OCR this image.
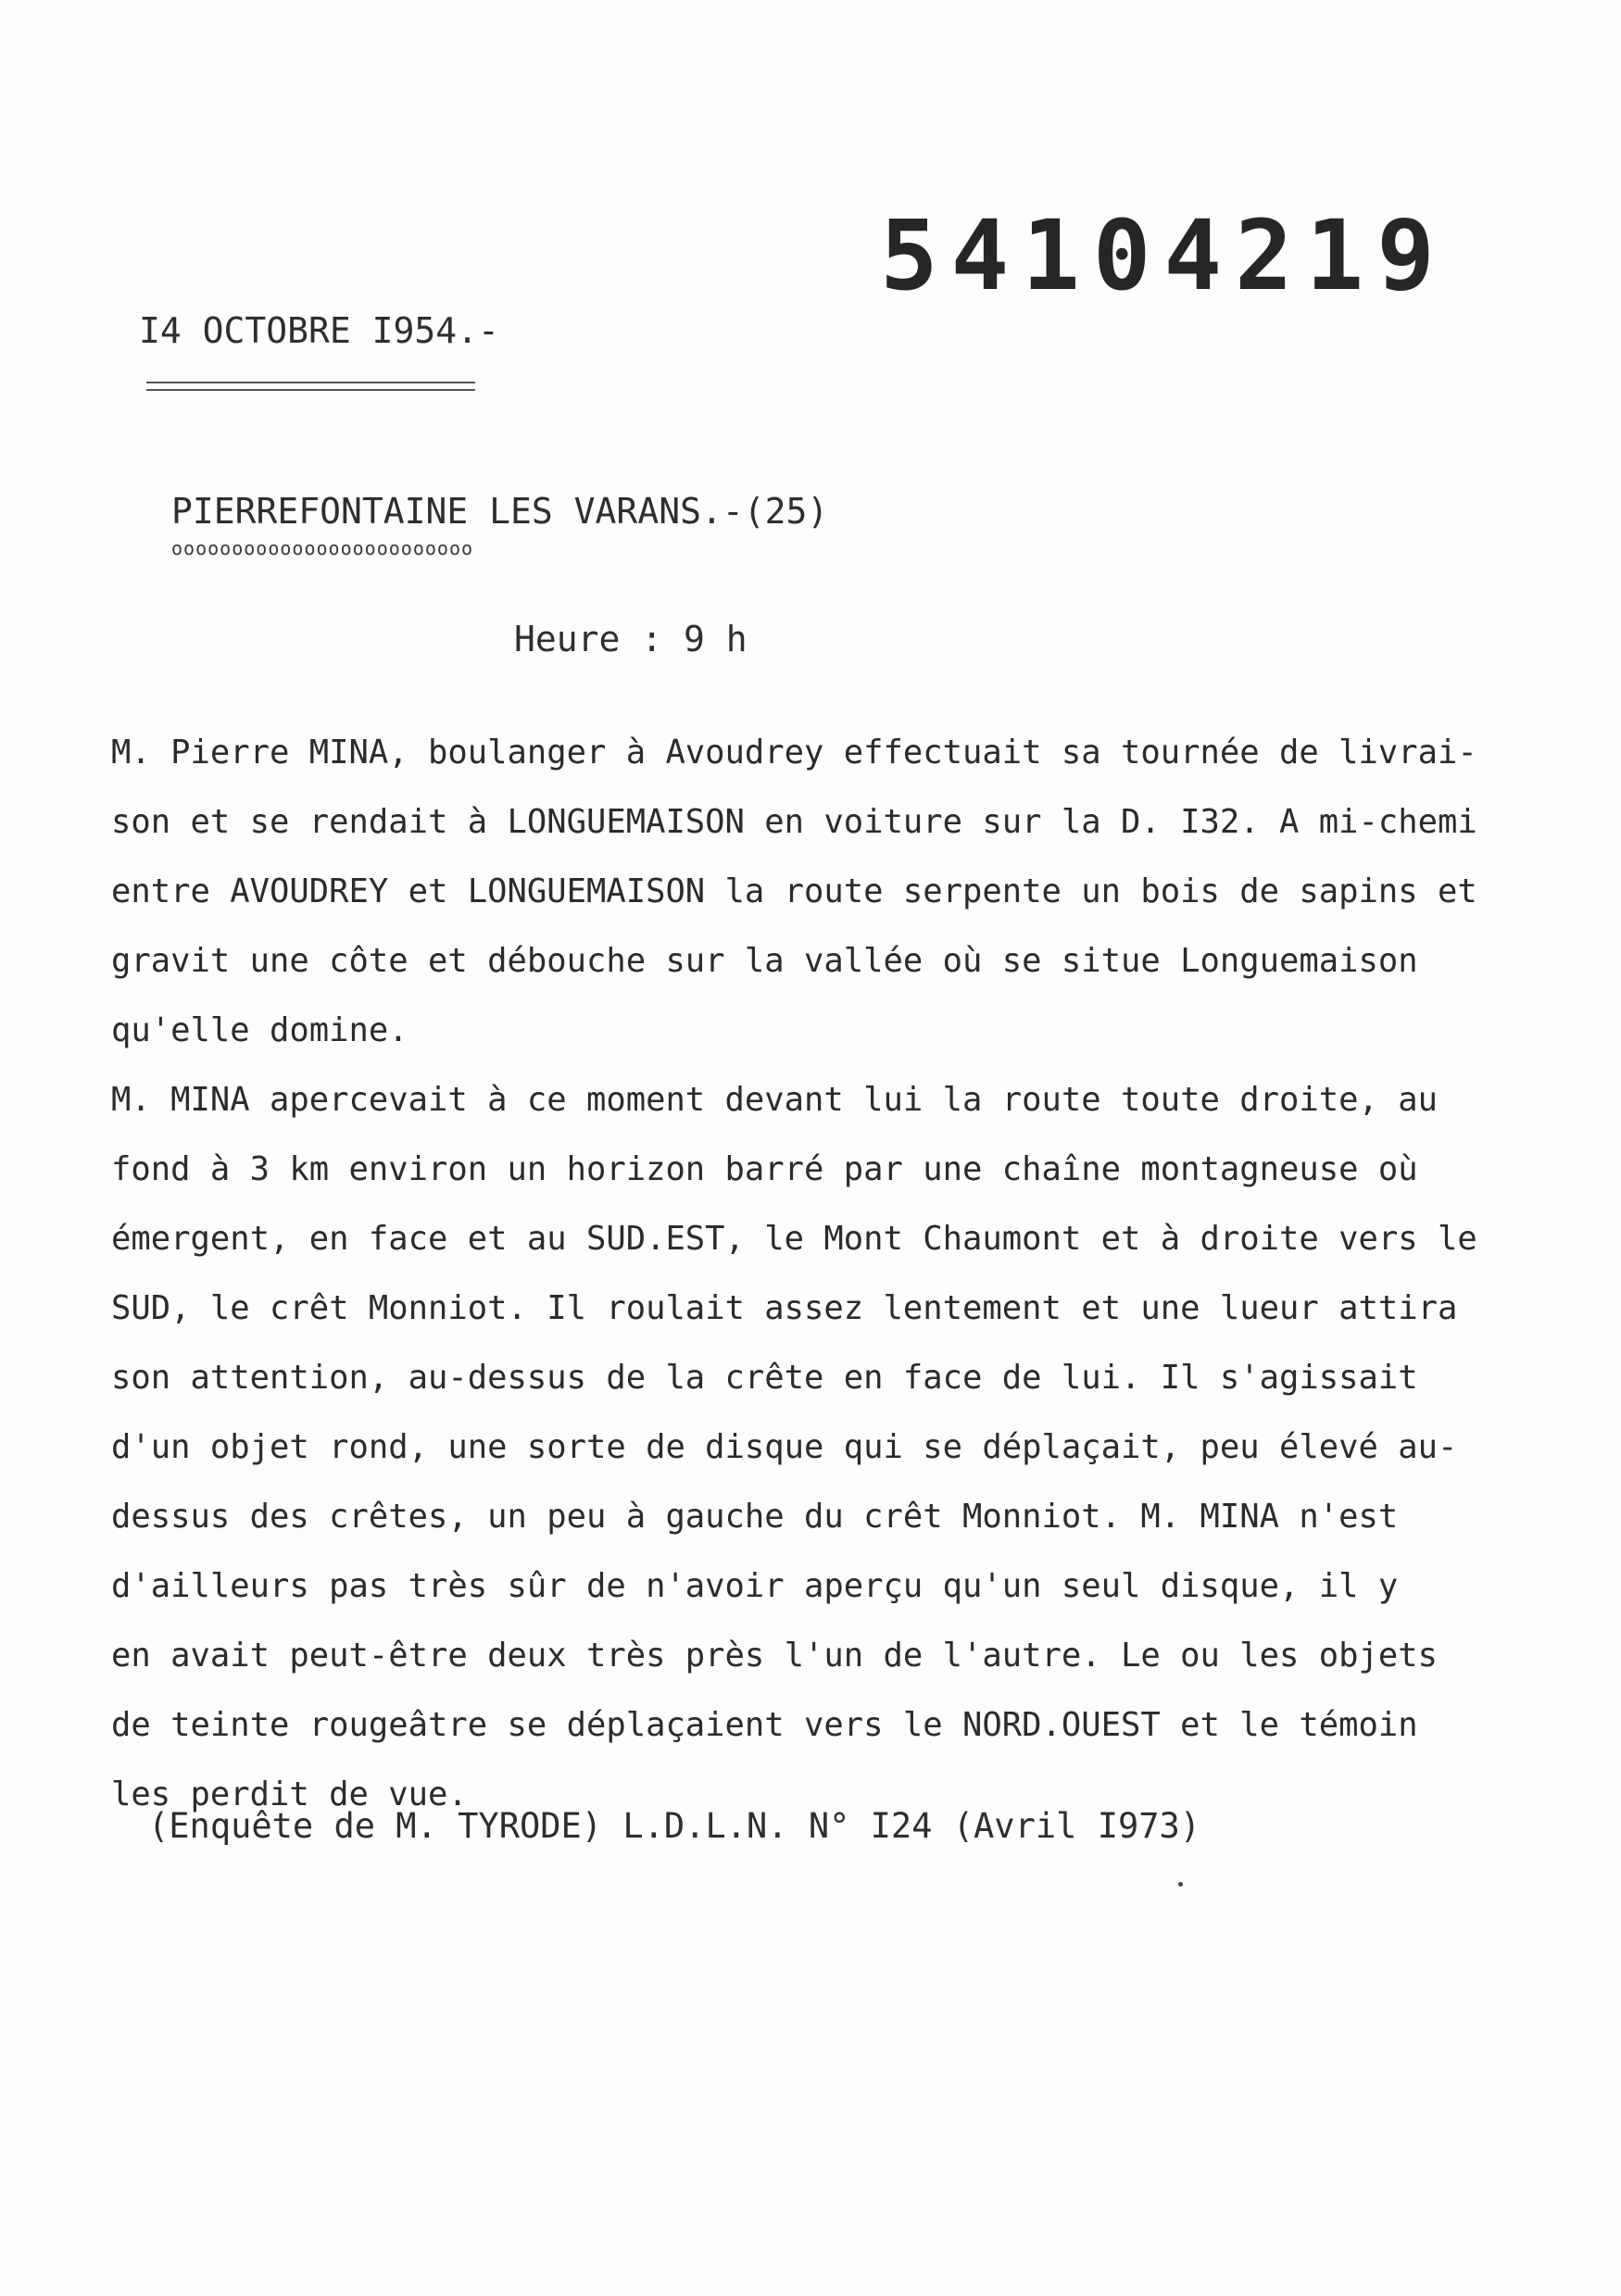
54104219
I4 OCTOBRE I954.-
PIERREFONTAINE LES VARANS.-(25)
ooooooooooooooooooooooooo
Heure : 9 h
M. Pierre MINA, boulanger à Avoudrey effectuait sa tournée de livrai-
son et se rendait à LONGUEMAISON en voiture sur la D. I32. A mi-chemi
entre AVOUDREY et LONGUEMAISON la route serpente un bois de sapins et
gravit une côte et débouche sur la vallée où se situe Longuemaison
qu'elle domine.
M. MINA apercevait à ce moment devant lui la route toute droite, au
fond à 3 km environ un horizon barré par une chaîne montagneuse où
émergent, en face et au SUD.EST, le Mont Chaumont et à droite vers le
SUD, le crêt Monniot. Il roulait assez lentement et une lueur attira
son attention, au-dessus de la crête en face de lui. Il s'agissait
d'un objet rond, une sorte de disque qui se déplaçait, peu élevé au-
dessus des crêtes, un peu à gauche du crêt Monniot. M. MINA n'est
d'ailleurs pas très sûr de n'avoir aperçu qu'un seul disque, il y
en avait peut-être deux très près l'un de l'autre. Le ou les objets
de teinte rougeâtre se déplaçaient vers le NORD.OUEST et le témoin
les perdit de vue.
(Enquête de M. TYRODE) L.D.L.N. N° I24 (Avril I973)
